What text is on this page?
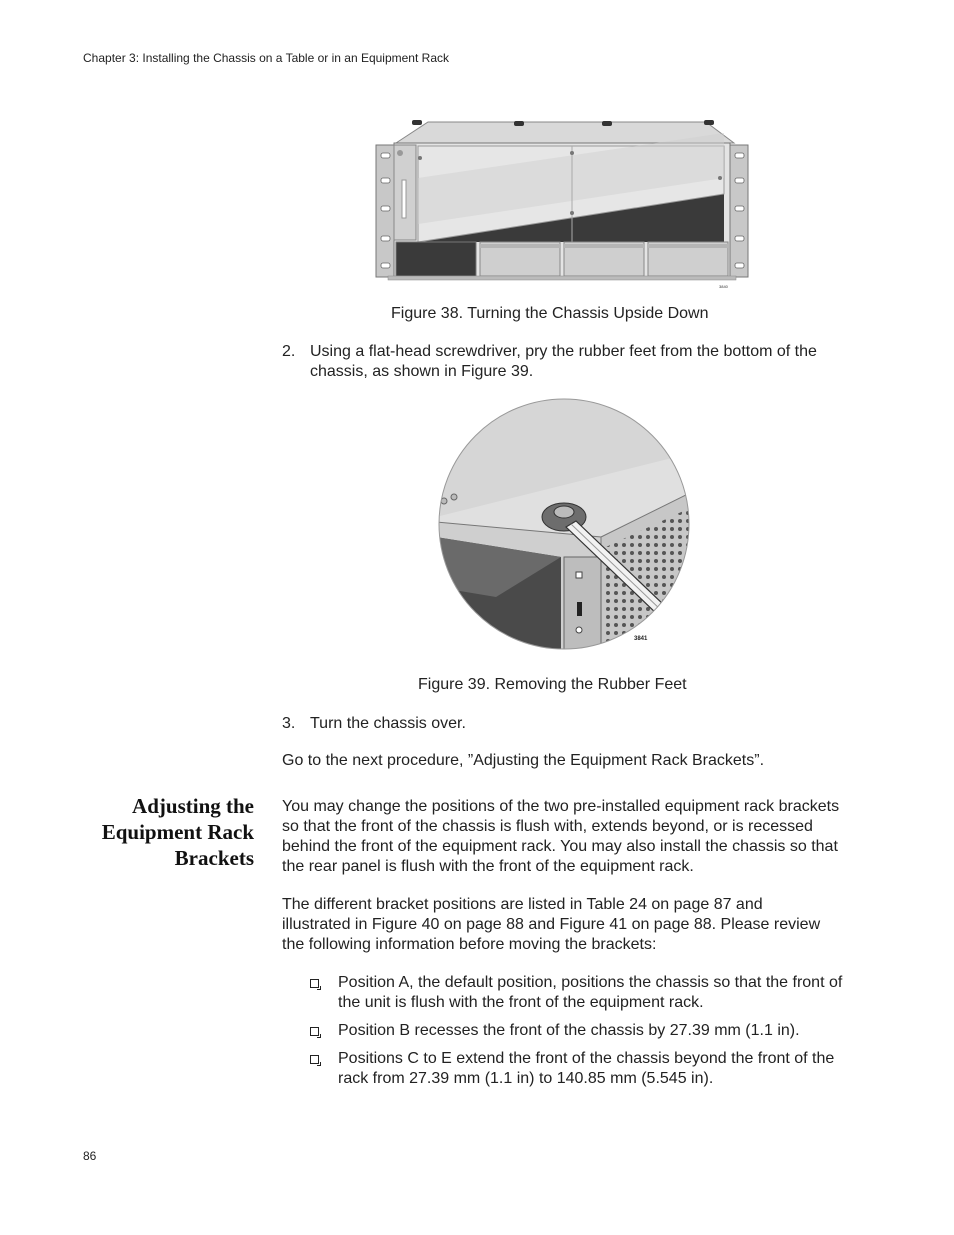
Chapter 3: Installing the Chassis on a Table or in an Equipment Rack
3840
Figure 38. Turning the Chassis Upside Down
2. Using a flat-head screwdriver, pry the rubber feet from the bottom of the chassis, as shown in Figure 39.
3841
Figure 39. Removing the Rubber Feet
3. Turn the chassis over.
Go to the next procedure, ”Adjusting the Equipment Rack Brackets”.
Adjusting the
Equipment Rack
Brackets
You may change the positions of the two pre-installed equipment rack brackets so that the front of the chassis is flush with, extends beyond, or is recessed behind the front of the equipment rack. You may also install the chassis so that the rear panel is flush with the front of the equipment rack.
The different bracket positions are listed in Table 24 on page 87 and illustrated in Figure 40 on page 88 and Figure 41 on page 88. Please review the following information before moving the brackets:
Position A, the default position, positions the chassis so that the front of the unit is flush with the front of the equipment rack.
Position B recesses the front of the chassis by 27.39 mm (1.1 in).
Positions C to E extend the front of the chassis beyond the front of the rack from 27.39 mm (1.1 in) to 140.85 mm (5.545 in).
86
